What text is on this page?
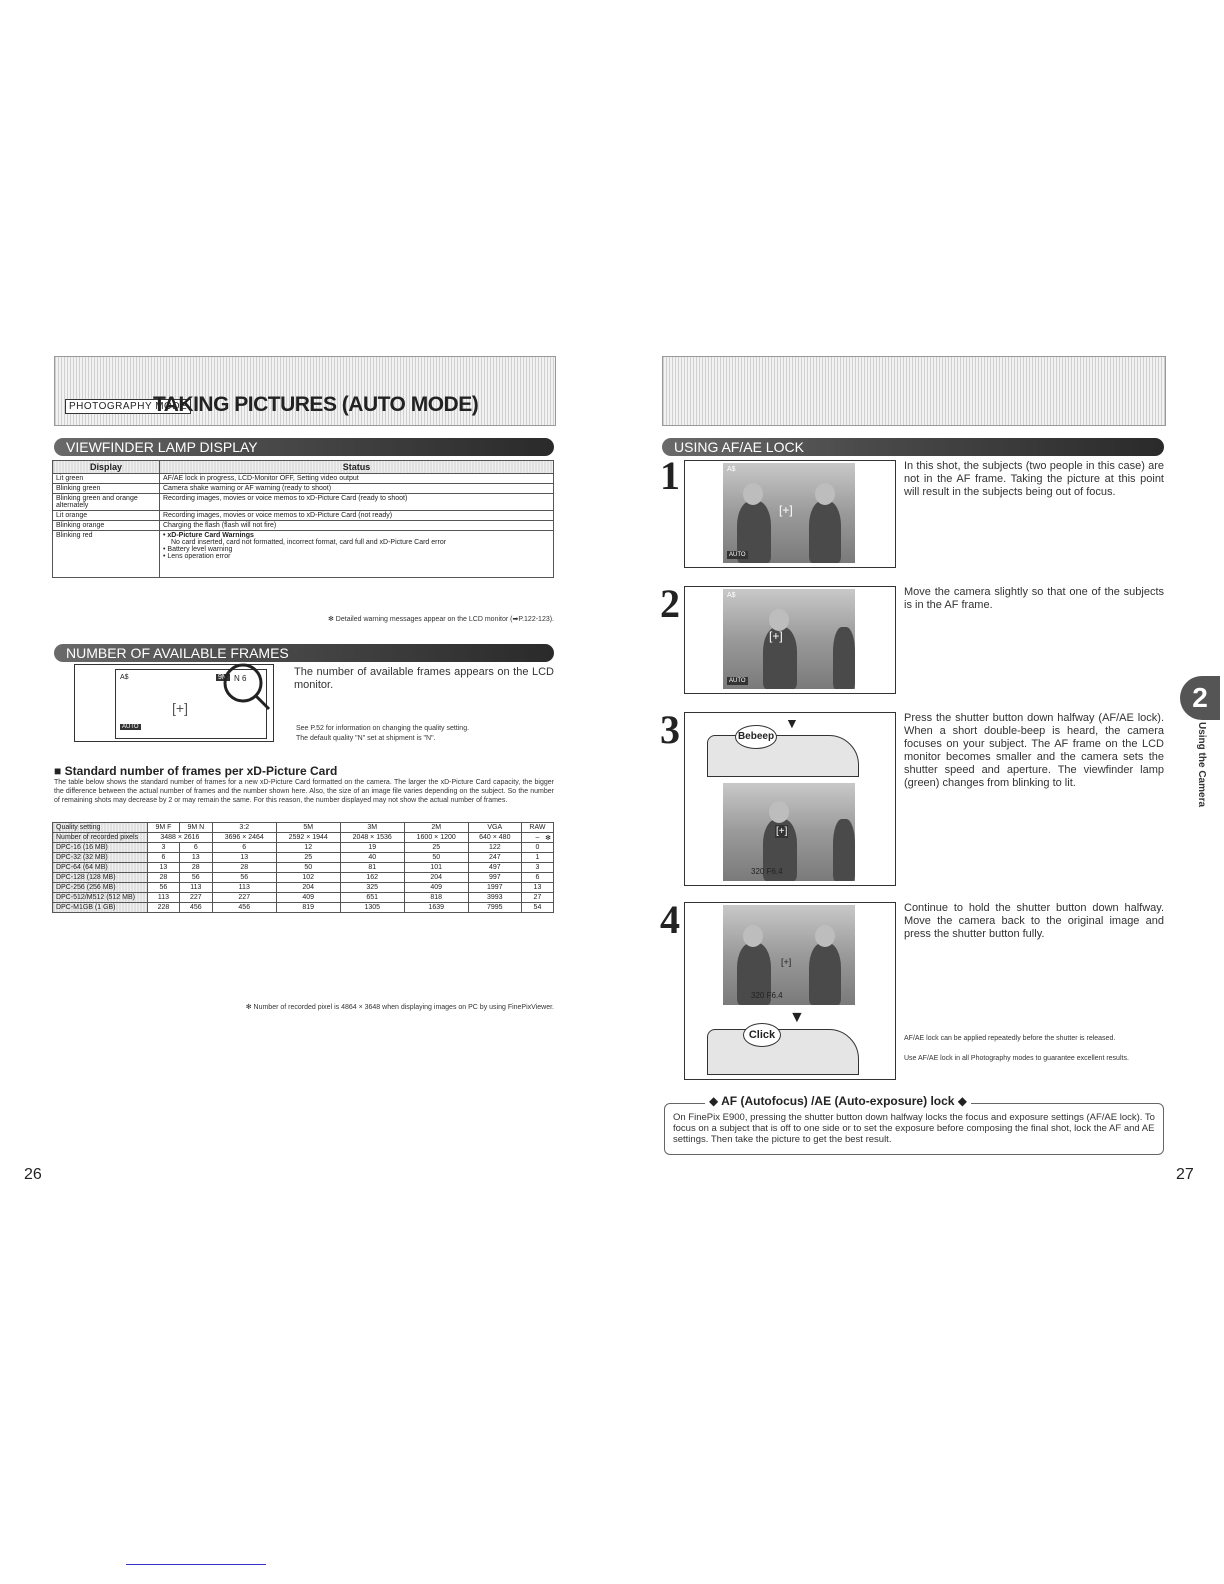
PHOTOGRAPHY MODE
TAKING PICTURES (AUTO MODE)
VIEWFINDER LAMP DISPLAY
Display	Status
Lit green	AF/AE lock in progress, LCD-Monitor OFF, Setting video output
Blinking green	Camera shake warning or AF warning (ready to shoot)
Blinking green and orange alternately	Recording images, movies or voice memos to xD-Picture Card (ready to shoot)
Lit orange	Recording images, movies or voice memos to xD-Picture Card (not ready)
Blinking orange	Charging the flash (flash will not fire)
Blinking red	• xD-Picture Card Warnings
No card inserted, card not formatted, incorrect format, card full and xD-Picture Card error
• Battery level warning
• Lens operation error
✻ Detailed warning messages appear on the LCD monitor (➡P.122-123).
NUMBER OF AVAILABLE FRAMES
A$	9M N 6
[+]
AUTO
The number of available frames appears on the LCD monitor.
See P.52 for information on changing the quality setting.
The default quality "N" set at shipment is "N".
■ Standard number of frames per xD-Picture Card
The table below shows the standard number of frames for a new xD-Picture Card formatted on the camera. The larger the xD-Picture Card capacity, the bigger the difference between the actual number of frames and the number shown here. Also, the size of an image file varies depending on the subject. So the number of remaining shots may decrease by 2 or may remain the same. For this reason, the number displayed may not show the actual number of frames.
Quality setting	9M F	9M N	3:2	5M	3M	2M	VGA	RAW
Number of recorded pixels	3488 × 2616		3696 × 2464	2592 × 1944	2048 × 1536	1600 × 1200	640 × 480	– ✻

DPC-16 (16 MB)	3	6	6	12	19	25	122	0
DPC-32 (32 MB)	6	13	13	25	40	50	247	1
DPC-64 (64 MB)	13	28	28	50	81	101	497	3
DPC-128 (128 MB)	28	56	56	102	162	204	997	6
DPC-256 (256 MB)	56	113	113	204	325	409	1997	13
DPC-512/M512 (512 MB)	113	227	227	409	651	818	3993	27
DPC-M1GB (1 GB)	228	456	456	819	1305	1639	7995	54
✻ Number of recorded pixel is 4864 × 3648 when displaying images on PC by using FinePixViewer.
USING AF/AE LOCK
1	A$
[+]
AUTO
In this shot, the subjects (two people in this case) are not in the AF frame. Taking the picture at this point will result in the subjects being out of focus.
2	A$
[+]
AUTO
Move the camera slightly so that one of the subjects is in the AF frame.
3	Bebeep
▼
[+]
320 F6.4
Press the shutter button down halfway (AF/AE lock). When a short double-beep is heard, the camera focuses on your subject. The AF frame on the LCD monitor becomes smaller and the camera sets the shutter speed and aperture. The viewfinder lamp (green) changes from blinking to lit.
4
[+]
320 F6.4
Click
▼
Continue to hold the shutter button down halfway. Move the camera back to the original image and press the shutter button fully.
AF/AE lock can be applied repeatedly before the shutter is released.
Use AF/AE lock in all Photography modes to guarantee excellent results.
◆ AF (Autofocus) /AE (Auto-exposure) lock ◆
On FinePix E900, pressing the shutter button down halfway locks the focus and exposure settings (AF/AE lock). To focus on a subject that is off to one side or to set the exposure before composing the final shot, lock the AF and AE settings. Then take the picture to get the best result.
2
Using the Camera
26	27
